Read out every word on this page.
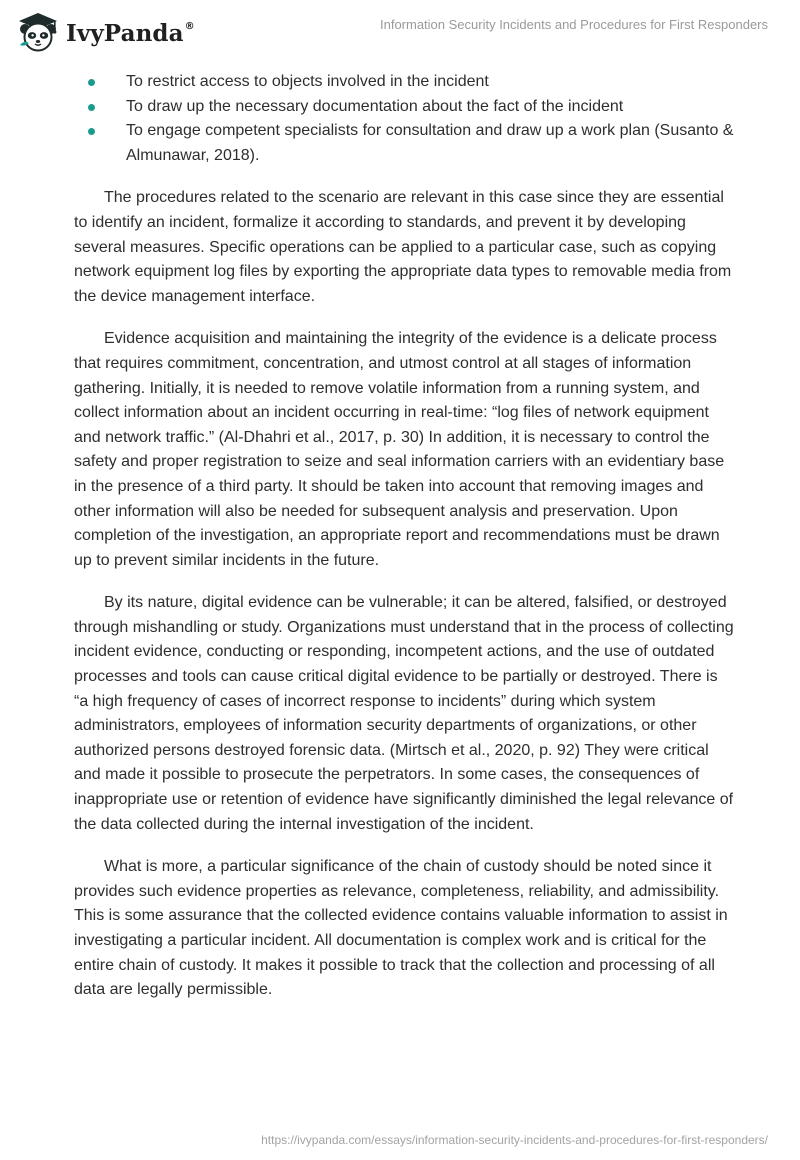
IvyPanda®	Information Security Incidents and Procedures for First Responders
To restrict access to objects involved in the incident
To draw up the necessary documentation about the fact of the incident
To engage competent specialists for consultation and draw up a work plan (Susanto & Almunawar, 2018).

The procedures related to the scenario are relevant in this case since they are essential to identify an incident, formalize it according to standards, and prevent it by developing several measures. Specific operations can be applied to a particular case, such as copying network equipment log files by exporting the appropriate data types to removable media from the device management interface.

Evidence acquisition and maintaining the integrity of the evidence is a delicate process that requires commitment, concentration, and utmost control at all stages of information gathering. Initially, it is needed to remove volatile information from a running system, and collect information about an incident occurring in real-time: “log files of network equipment and network traffic.” (Al-Dhahri et al., 2017, p. 30) In addition, it is necessary to control the safety and proper registration to seize and seal information carriers with an evidentiary base in the presence of a third party. It should be taken into account that removing images and other information will also be needed for subsequent analysis and preservation. Upon completion of the investigation, an appropriate report and recommendations must be drawn up to prevent similar incidents in the future.

By its nature, digital evidence can be vulnerable; it can be altered, falsified, or destroyed through mishandling or study. Organizations must understand that in the process of collecting incident evidence, conducting or responding, incompetent actions, and the use of outdated processes and tools can cause critical digital evidence to be partially or destroyed. There is “a high frequency of cases of incorrect response to incidents” during which system administrators, employees of information security departments of organizations, or other authorized persons destroyed forensic data. (Mirtsch et al., 2020, p. 92) They were critical and made it possible to prosecute the perpetrators. In some cases, the consequences of inappropriate use or retention of evidence have significantly diminished the legal relevance of the data collected during the internal investigation of the incident.

What is more, a particular significance of the chain of custody should be noted since it provides such evidence properties as relevance, completeness, reliability, and admissibility. This is some assurance that the collected evidence contains valuable information to assist in investigating a particular incident. All documentation is complex work and is critical for the entire chain of custody. It makes it possible to track that the collection and processing of all data are legally permissible.

https://ivypanda.com/essays/information-security-incidents-and-procedures-for-first-responders/
